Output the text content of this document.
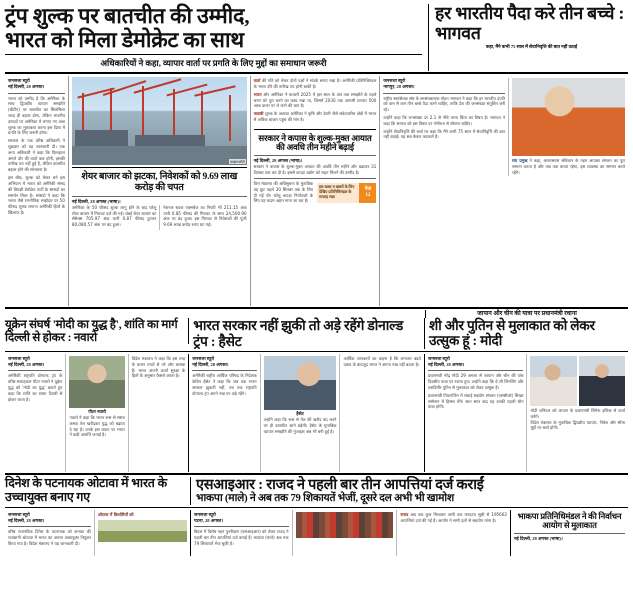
ट्रंप शुल्क पर बातचीत की उम्मीद,
भारत को मिला डेमोक्रेट का साथ
अधिकारियों ने कहा, व्यापार वार्ता पर प्रगति के लिए मुद्दों का समाधान जरूरी
हर भारतीय पैदा करे तीन बच्चे : भागवत
कहा, मैंने कभी 75 साल में सेवानिवृत्ति की बात नहीं उठाई
जनसत्ता ब्यूरो
नई दिल्ली, 28 अगस्त।

भारत को उम्मीद है कि अमेरिका के साथ द्विपक्षीय व्यापार समझौते (बीटीए) पर बातचीत का सिलसिला जल्द ही बहाल होगा, लेकिन भारतीय उत्पादों पर अमेरिका में लगाए गए उच्च शुल्क का मुकाबला करना इस दिशा में प्रगति के लिए जरूरी होगा।

सरकार के एक वरिष्ठ अधिकारी ने शुक्रवार को यह जानकारी दी। एक अन्य अधिकारी ने कहा कि फिलहाल अगले दौर की वार्ता कब होगी, इसकी तारीख तय नहीं हुई है, लेकिन बातचीत बहाल होने की संभावना है।

इस बीच, शुल्क को लेकर बने इस अभियान में भारत को अमेरिकी संसद की विपक्षी डेमोक्रेट पार्टी के सांसदों का समर्थन मिला है। सांसदों ने कहा कि भारत जैसे रणनीतिक साझेदार पर 50 फीसद शुल्क लगाना अमेरिकी हितों के खिलाफ है।

फाइल फोटो
शेयर बाजार को झटका, निवेशकों को 9.69 लाख करोड़ की चपत
नई दिल्ली, 28 अगस्त (भाषा)।

अमेरिका के 50 फीसद शुल्क लागू होने के बाद घरेलू शेयर बाजार में गिरावट दर्ज की गई। बंबई शेयर बाजार का सेंसेक्स 705.97 अंक यानी 0.87 फीसद टूटकर 80,080.57 अंक पर बंद हुआ।

नेशनल स्टाक एक्सचेंज का निफ्टी भी 211.15 अंक यानी 0.85 फीसद की गिरावट के साथ 24,500.90 अंक पर बंद हुआ। इस गिरावट से निवेशकों की पूंजी 9.69 लाख करोड़ रुपए घट गई।

वार्ता की गति को लेकर दोनों पक्षों ने संपर्क बनाए रखा है। अमेरिकी प्रतिनिधिमंडल के भारत दौरे की तारीख तय होनी बाकी है।

भारत और अमेरिका ने फरवरी 2025 में इस साल के अंत तक समझौते के पहले चरण को पूरा करने का लक्ष्य रखा था, जिसमें 2030 तक आपसी व्यापार 500 अरब डालर पर ले जाने की बात है।

जवाबी शुल्क के अलावा अमेरिका ने कृषि और डेयरी जैसे संवेदनशील क्षेत्रों में भारत से अधिक बाजार पहुंच की मांग है।

सरकार ने कपास के शुल्क-मुक्त आयात की अवधि तीन महीने बढ़ाई
नई दिल्ली, 28 अगस्त (भाषा)।

सरकार ने कपास के शुल्क-मुक्त आयात की अवधि तीन महीने और बढ़ाकर 31 दिसंबर तक कर दी है। इससे कपड़ा उद्योग को राहत मिलने की उम्मीद है।

वित्त मंत्रालय की अधिसूचना के मुताबिक यह छूट पहले 30 सितंबर तक के लिए दी गई थी। घरेलू कपड़ा निर्यातकों के लिए यह कदम अहम माना जा रहा है।

इस खबर व खबरों के लिए देखिए प्रतिनिधिमंडल के सप्ताह रखा
पेज
12
जनसत्ता ब्यूरो
नागपुर, 28 अगस्त।

राष्ट्रीय स्वयंसेवक संघ के सरसंघचालक मोहन भागवत ने कहा कि हर भारतीय दंपति को कम से कम तीन बच्चे पैदा करने चाहिए, ताकि देश की जनसंख्या संतुलित बनी रहे।

उन्होंने कहा कि जनसंख्या दर 2.1 से नीचे जाना चिंता का विषय है। भागवत ने कहा कि समाज को इस विषय पर गंभीरता से सोचना चाहिए।

उन्होंने सेवानिवृत्ति की चर्चा पर कहा कि मैंने कभी 75 साल में सेवानिवृत्ति की बात नहीं उठाई। यह सब केवल अटकलें हैं।

संघ प्रमुख ने कहा, आरएसएस संविधान के तहत आपका संगठन का पूरा सम्मान करता है और जब तक करता रहेगा, इस व्यवस्था का सम्मान करते रहेंगे।
जापान और चीन की यात्रा पर प्रधानमंत्री रवाना
यूक्रेन संघर्ष 'मोदी का युद्ध है', शांति का मार्ग दिल्ली से होकर : नवारो
भारत सरकार नहीं झुकी तो अड़े रहेंगे डोनाल्ड ट्रंप : हैसेट
शी और पुतिन से मुलाकात को लेकर उत्सुक हूं : मोदी
जनसत्ता ब्यूरो
नई दिल्ली, 28 अगस्त।

अमेरिकी राष्ट्रपति डोनाल्ड ट्रंप के वरिष्ठ सलाहकार पीटर नवारो ने यूक्रेन युद्ध को 'मोदी का युद्ध' बताते हुए कहा कि शांति का रास्ता दिल्ली से होकर जाता है।

पीटर नवारो

नवारो ने कहा कि भारत रूस से सस्ता कच्चा तेल खरीदकर युद्ध को बढ़ावा दे रहा है। उनके इस बयान पर भारत ने कड़ी आपत्ति जताई है।

विदेश मंत्रालय ने कहा कि इस तरह के बयान तथ्यों से परे और भ्रामक हैं। भारत अपनी ऊर्जा सुरक्षा के हितों के अनुसार फैसले करता है।

जनसत्ता ब्यूरो
नई दिल्ली, 28 अगस्त।

अमेरिकी राष्ट्रीय आर्थिक परिषद के निदेशक केविन हैसेट ने कहा कि जब तक भारत सरकार झुकती नहीं, तब तक राष्ट्रपति डोनाल्ड ट्रंप अपने रुख पर अड़े रहेंगे।

हैसेट

उन्होंने कहा कि रूस से तेल की खरीद बंद करने पर ही बातचीत आगे बढ़ेगी। हैसेट के मुताबिक व्यापार समझौते की गुंजाइश अब भी बनी हुई है।

आर्थिक जानकारों का कहना है कि लगातार बढ़ते दबाव के बावजूद भारत ने अपना रुख नहीं बदला है।

जनसत्ता ब्यूरो
नई दिल्ली, 28 अगस्त।

प्रधानमंत्री नरेंद्र मोदी 29 अगस्त से जापान और चीन की पांच दिवसीय यात्रा पर रवाना हुए। उन्होंने कहा कि वे शी जिनपिंग और व्लादिमीर पुतिन से मुलाकात को लेकर उत्सुक हैं।

प्रधानमंत्री तियानजिन में शंघाई सहयोग संगठन (एससीओ) शिखर सम्मेलन में हिस्सा लेंगे। सात साल बाद यह उनकी पहली चीन यात्रा होगी।

मोदी शनिवार को जापान के प्रधानमंत्री शिगेरू इशिबा से वार्ता करेंगे।

विदेश मंत्रालय के मुताबिक द्विपक्षीय व्यापार, निवेश और सीमा मुद्दों पर चर्चा होगी।

दिनेश के पटनायक ओटावा में भारत के उच्चायुक्त बनाए गए
एसआइआर : राजद ने पहली बार तीन आपत्तियां दर्ज कराईं
भाकपा (माले) ने अब तक 79 शिकायतें भेजीं, दूसरे दल अभी भी खामोश
जनसत्ता ब्यूरो
नई दिल्ली, 28 अगस्त।

वरिष्ठ राजनयिक दिनेश के पटनायक को कनाडा की राजधानी ओटावा में भारत का अगला उच्चायुक्त नियुक्त किया गया है। विदेश मंत्रालय ने यह जानकारी दी।

ओटावा में किशोरियों को	जनसत्ता ब्यूरो
पटना, 28 अगस्त।

बिहार में विशेष गहन पुनरीक्षण (एसआइआर) को लेकर राजद ने पहली बार तीन आपत्तियां दर्ज कराई हैं। भाकपा (माले) अब तक 79 शिकायतें भेज चुकी है।

राजद अब तक कुल मिलाकर अभी तक मतदाता सूची से 195602 आपत्तियां दर्ज की गई हैं। आयोग ने सभी दलों से सहयोग मांगा है।	भाकपा प्रतिनिधिमंडल ने की निर्वाचन आयोग से मुलाकात
नई दिल्ली, 28 अगस्त (भाषा)।
